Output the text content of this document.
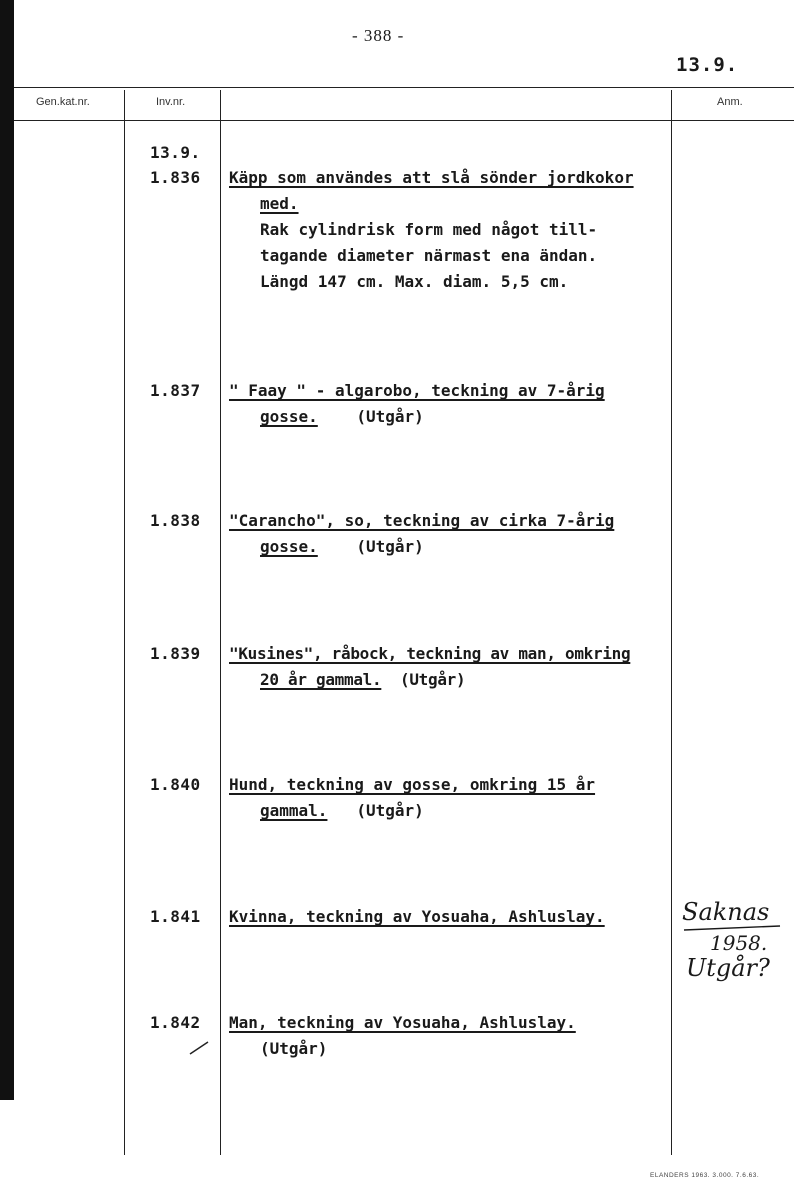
- 388 -
13.9.
Gen.kat.nr.	Inv.nr.	Anm.
13.9.
1.836 Käpp som användes att slå sönder jordkokor
med.
Rak cylindrisk form med något till-
tagande diameter närmast ena ändan.
Längd 147 cm. Max. diam. 5,5 cm.
1.837 " Faay " - algarobo, teckning av 7-årig
gosse. (Utgår)
1.838 "Carancho", so, teckning av cirka 7-årig
gosse. (Utgår)
1.839 "Kusines", råbock, teckning av man, omkring
20 år gammal. (Utgår)
1.840 Hund, teckning av gosse, omkring 15 år
gammal. (Utgår)
1.841 Kvinna, teckning av Yosuaha, Ashluslay.
1.842 Man, teckning av Yosuaha, Ashluslay.
(Utgår)
Saknas
1958.
Utgår?
ELANDERS 1963. 3.000. 7.6.63.
